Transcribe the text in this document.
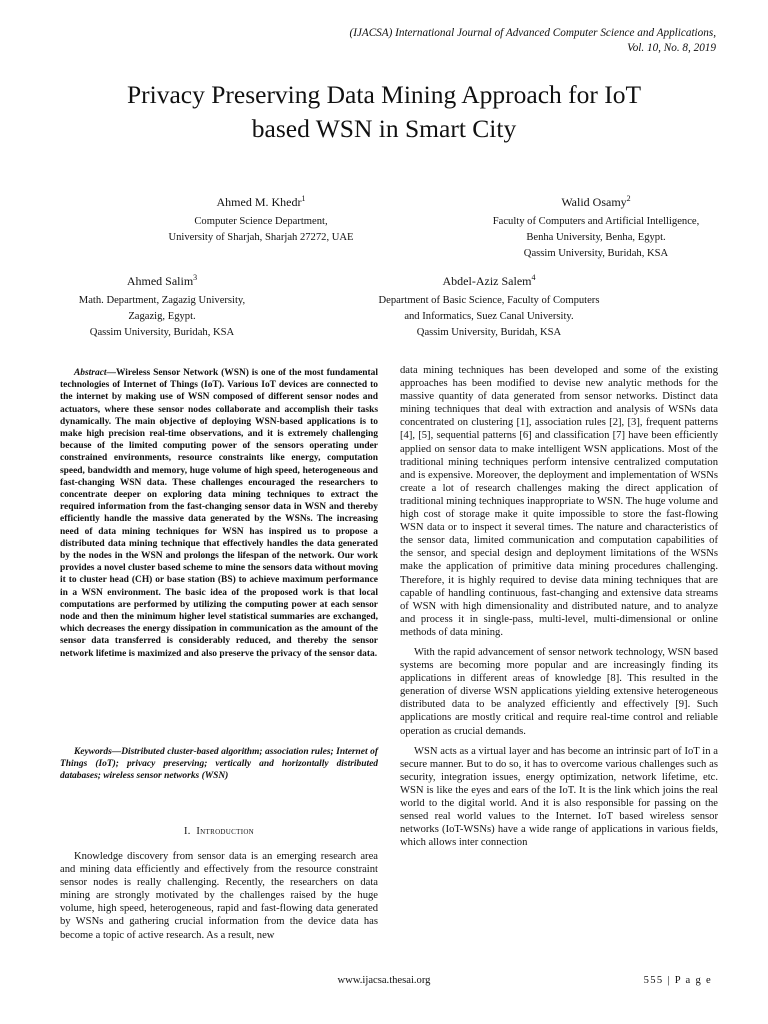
(IJACSA) International Journal of Advanced Computer Science and Applications,
Vol. 10, No. 8, 2019
Privacy Preserving Data Mining Approach for IoT
based WSN in Smart City
Ahmed M. Khedr$^1$
Computer Science Department,
University of Sharjah, Sharjah 27272, UAE
Walid Osamy$^2$
Faculty of Computers and Artificial Intelligence,
Benha University, Benha, Egypt.
Qassim University, Buridah, KSA
Ahmed Salim$^3$
Math. Department, Zagazig University,
Zagazig, Egypt.
Qassim University, Buridah, KSA
Abdel-Aziz Salem$^4$
Department of Basic Science, Faculty of Computers
and Informatics, Suez Canal University.
Qassim University, Buridah, KSA
Abstract—Wireless Sensor Network (WSN) is one of the most fundamental technologies of Internet of Things (IoT). Various IoT devices are connected to the internet by making use of WSN composed of different sensor nodes and actuators, where these sensor nodes collaborate and accomplish their tasks dynamically. The main objective of deploying WSN-based applications is to make high precision real-time observations, and it is extremely challenging because of the limited computing power of the sensors operating under constrained environments, resource constraints like energy, computation speed, bandwidth and memory, huge volume of high speed, heterogeneous and fast-changing WSN data. These challenges encouraged the researchers to concentrate deeper on exploring data mining techniques to extract the required information from the fast-changing sensor data in WSN and thereby efficiently handle the massive data generated by the WSNs. The increasing need of data mining techniques for WSN has inspired us to propose a distributed data mining technique that effectively handles the data generated by the nodes in the WSN and prolongs the lifespan of the network. Our work provides a novel cluster based scheme to mine the sensors data without moving it to cluster head (CH) or base station (BS) to achieve maximum performance in a WSN environment. The basic idea of the proposed work is that local computations are performed by utilizing the computing power at each sensor node and then the minimum higher level statistical summaries are exchanged, which decreases the energy dissipation in communication as the amount of the sensor data transferred is considerably reduced, and thereby the sensor network lifetime is maximized and also preserve the privacy of the sensor data.
Keywords—Distributed cluster-based algorithm; association rules; Internet of Things (IoT); privacy preserving; vertically and horizontally distributed databases; wireless sensor networks (WSN)
I. Introduction

Knowledge discovery from sensor data is an emerging research area and mining data efficiently and effectively from the resource constraint sensor nodes is really challenging. Recently, the researchers on data mining are strongly motivated by the challenges raised by the huge volume, high speed, heterogeneous, rapid and fast-flowing data generated by WSNs and gathering crucial information from the device data has become a topic of active research. As a result, new

data mining techniques has been developed and some of the existing approaches has been modified to devise new analytic methods for the massive quantity of data generated from sensor networks. Distinct data mining techniques that deal with extraction and analysis of WSNs data concentrated on clustering [1], association rules [2], [3], frequent patterns [4], [5], sequential patterns [6] and classification [7] have been efficiently applied on sensor data to make intelligent WSN applications. Most of the traditional mining techniques perform intensive centralized computation and is expensive. Moreover, the deployment and implementation of WSNs create a lot of research challenges making the direct application of traditional mining techniques inappropriate to WSN. The huge volume and high cost of storage make it quite impossible to store the fast-flowing WSN data or to inspect it several times. The nature and characteristics of the sensor data, limited communication and computation capabilities of the sensor, and special design and deployment limitations of the WSNs make the application of primitive data mining procedures challenging. Therefore, it is highly required to devise data mining techniques that are capable of handling continuous, fast-changing and extensive data streams of WSN with high dimensionality and distributed nature, and to analyze and process it in single-pass, multi-level, multi-dimensional or online methods of data mining.

With the rapid advancement of sensor network technology, WSN based systems are becoming more popular and are increasingly finding its applications in different areas of knowledge [8]. This resulted in the generation of diverse WSN applications yielding extensive heterogeneous distributed data to be analyzed efficiently and effectively [9]. Such applications are mostly critical and require real-time control and reliable operation as crucial demands.

WSN acts as a virtual layer and has become an intrinsic part of IoT in a secure manner. But to do so, it has to overcome various challenges such as security, integration issues, energy optimization, network lifetime, etc. WSN is like the eyes and ears of the IoT. It is the link which joins the real world to the digital world. And it is also responsible for passing on the sensed real world values to the Internet. IoT based wireless sensor networks (IoT-WSNs) have a wide range of applications in various fields, which allows inter connection

www.ijacsa.thesai.org	555 | P a g e
